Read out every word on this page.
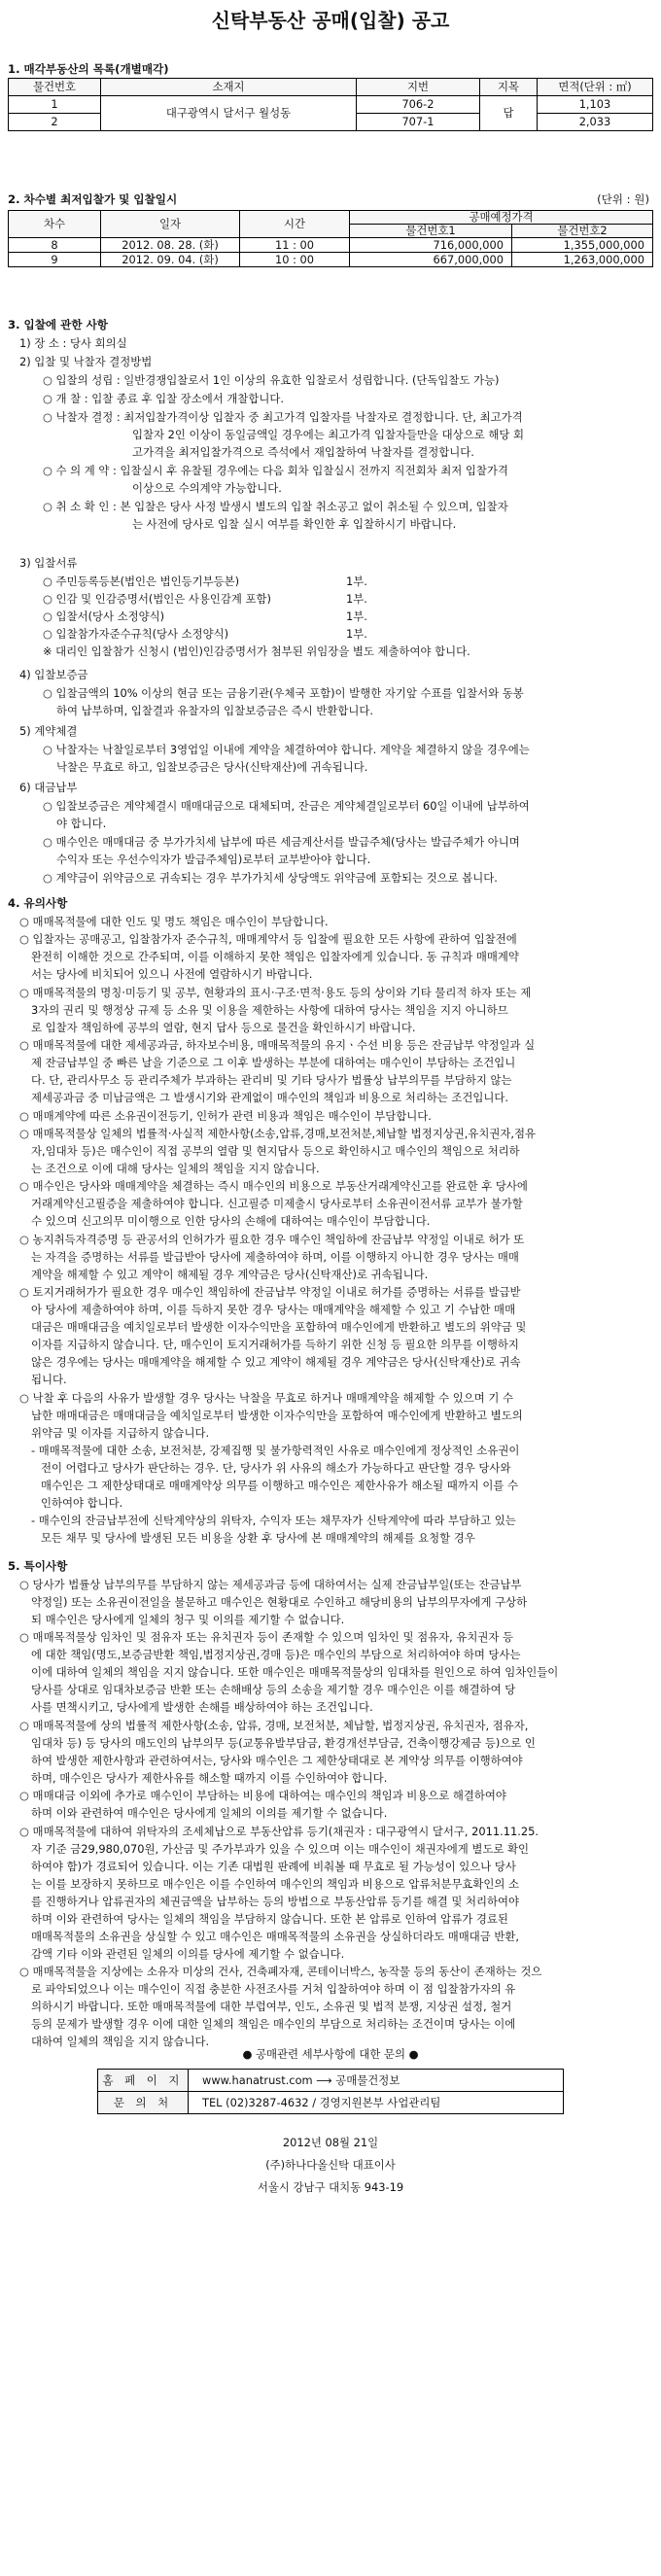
신탁부동산 공매(입찰) 공고
1. 매각부동산의 목록(개별매각)
물건번호	소재지	지번	지목	면적(단위 : ㎡)
1	대구광역시 달서구 월성동	706-2	답	1,103
2		707-1		2,033
2. 차수별 최저입찰가 및 입찰일시	(단위 : 원)
차수	일자	시간	공매예정가격	
			물건번호1	물건번호2
8	2012. 08. 28. (화)	11 : 00	716,000,000	1,355,000,000
9	2012. 09. 04. (화)	10 : 00	667,000,000	1,263,000,000
3. 입찰에 관한 사항
1) 장 소 : 당사 회의실
2) 입찰 및 낙찰자 결정방법
○ 입찰의 성립 : 일반경쟁입찰로서 1인 이상의 유효한 입찰로서 성립합니다. (단독입찰도 가능)
○ 개 찰 : 입찰 종료 후 입찰 장소에서 개찰합니다.
○ 낙찰자 결정 : 최저입찰가격이상 입찰자 중 최고가격 입찰자를 낙찰자로 결정합니다. 단, 최고가격
입찰자 2인 이상이 동일금액일 경우에는 최고가격 입찰자들만을 대상으로 해당 회
고가격을 최저입찰가격으로 즉석에서 재입찰하여 낙찰자를 결정합니다.
○ 수 의 계 약 : 입찰실시 후 유찰될 경우에는 다음 회차 입찰실시 전까지 직전회차 최저 입찰가격
이상으로 수의계약 가능합니다.
○ 취 소 확 인 : 본 입찰은 당사 사정 발생시 별도의 입찰 취소공고 없이 취소될 수 있으며, 입찰자
는 사전에 당사로 입찰 실시 여부를 확인한 후 입찰하시기 바랍니다.
3) 입찰서류
○ 주민등록등본(법인은 법인등기부등본)	1부.
○ 인감 및 인감증명서(법인은 사용인감계 포함)	1부.
○ 입찰서(당사 소정양식)	1부.
○ 입찰참가자준수규칙(당사 소정양식)	1부.
※ 대리인 입찰참가 신청시 (법인)인감증명서가 첨부된 위임장을 별도 제출하여야 합니다.
4) 입찰보증금
○ 입찰금액의 10% 이상의 현금 또는 금융기관(우체국 포함)이 발행한 자기앞 수표를 입찰서와 동봉
하여 납부하며, 입찰결과 유찰자의 입찰보증금은 즉시 반환합니다.
5) 계약체결
○ 낙찰자는 낙찰일로부터 3영업일 이내에 계약을 체결하여야 합니다. 계약을 체결하지 않을 경우에는
낙찰은 무효로 하고, 입찰보증금은 당사(신탁재산)에 귀속됩니다.
6) 대금납부
○ 입찰보증금은 계약체결시 매매대금으로 대체되며, 잔금은 계약체결일로부터 60일 이내에 납부하여
야 합니다.
○ 매수인은 매매대금 중 부가가치세 납부에 따른 세금계산서를 발급주체(당사는 발급주체가 아니며
수익자 또는 우선수익자가 발급주체임)로부터 교부받아야 합니다.
○ 계약금이 위약금으로 귀속되는 경우 부가가치세 상당액도 위약금에 포함되는 것으로 봅니다.
4. 유의사항
○ 매매목적물에 대한 인도 및 명도 책임은 매수인이 부담합니다.
○ 입찰자는 공매공고, 입찰참가자 준수규칙, 매매계약서 등 입찰에 필요한 모든 사항에 관하여 입찰전에
완전히 이해한 것으로 간주되며, 이를 이해하지 못한 책임은 입찰자에게 있습니다. 동 규칙과 매매계약
서는 당사에 비치되어 있으니 사전에 열람하시기 바랍니다.
○ 매매목적물의 명칭·미등기 및 공부, 현황과의 표시·구조·면적·용도 등의 상이와 기타 물리적 하자 또는 제
3자의 권리 및 행정상 규제 등 소유 및 이용을 제한하는 사항에 대하여 당사는 책임을 지지 아니하므
로 입찰자 책임하에 공부의 열람, 현지 답사 등으로 물건을 확인하시기 바랍니다.
○ 매매목적물에 대한 제세공과금, 하자보수비용, 매매목적물의 유지ㆍ수선 비용 등은 잔금납부 약정일과 실
제 잔금납부일 중 빠른 날을 기준으로 그 이후 발생하는 부분에 대하여는 매수인이 부담하는 조건입니
다. 단, 관리사무소 등 관리주체가 부과하는 관리비 및 기타 당사가 법률상 납부의무를 부담하지 않는
제세공과금 중 미납금액은 그 발생시기와 관계없이 매수인의 책임과 비용으로 처리하는 조건입니다.
○ 매매계약에 따른 소유권이전등기, 인허가 관련 비용과 책임은 매수인이 부담합니다.
○ 매매목적물상 일체의 법률적·사실적 제한사항(소송,압류,경매,보전처분,체납할 법정지상권,유치권자,점유
자,임대차 등)은 매수인이 직접 공부의 열람 및 현지답사 등으로 확인하시고 매수인의 책임으로 처리하
는 조건으로 이에 대해 당사는 일체의 책임을 지지 않습니다.
○ 매수인은 당사와 매매계약을 체결하는 즉시 매수인의 비용으로 부동산거래계약신고를 완료한 후 당사에
거래계약신고필증을 제출하여야 합니다. 신고필증 미제출시 당사로부터 소유권이전서류 교부가 불가할
수 있으며 신고의무 미이행으로 인한 당사의 손해에 대하여는 매수인이 부담합니다.
○ 농지취득자격증명 등 관공서의 인허가가 필요한 경우 매수인 책임하에 잔금납부 약정일 이내로 허가 또
는 자격을 증명하는 서류를 발급받아 당사에 제출하여야 하며, 이를 이행하지 아니한 경우 당사는 매매
계약을 해제할 수 있고 계약이 해제될 경우 계약금은 당사(신탁재산)로 귀속됩니다.
○ 토지거래허가가 필요한 경우 매수인 책임하에 잔금납부 약정일 이내로 허가를 증명하는 서류를 발급받
아 당사에 제출하여야 하며, 이를 득하지 못한 경우 당사는 매매계약을 해제할 수 있고 기 수납한 매매
대금은 매매대금을 예치일로부터 발생한 이자수익만을 포함하여 매수인에게 반환하고 별도의 위약금 및
이자를 지급하지 않습니다. 단, 매수인이 토지거래허가를 득하기 위한 신청 등 필요한 의무를 이행하지
않은 경우에는 당사는 매매계약을 해제할 수 있고 계약이 해제될 경우 계약금은 당사(신탁재산)로 귀속
됩니다.
○ 낙찰 후 다음의 사유가 발생할 경우 당사는 낙찰을 무효로 하거나 매매계약을 해제할 수 있으며 기 수
납한 매매대금은 매매대금을 예치일로부터 발생한 이자수익만을 포함하여 매수인에게 반환하고 별도의
위약금 및 이자를 지급하지 않습니다.
- 매매목적물에 대한 소송, 보전처분, 강제집행 및 불가항력적인 사유로 매수인에게 정상적인 소유권이
전이 어렵다고 당사가 판단하는 경우. 단, 당사가 위 사유의 해소가 가능하다고 판단할 경우 당사와
매수인은 그 제한상태대로 매매계약상 의무를 이행하고 매수인은 제한사유가 해소될 때까지 이를 수
인하여야 합니다.
- 매수인의 잔금납부전에 신탁계약상의 위탁자, 수익자 또는 채무자가 신탁계약에 따라 부담하고 있는
모든 채무 및 당사에 발생된 모든 비용을 상환 후 당사에 본 매매계약의 해제를 요청할 경우
5. 특이사항
○ 당사가 법률상 납부의무를 부담하지 않는 제세공과금 등에 대하여서는 실제 잔금납부일(또는 잔금납부
약정일) 또는 소유권이전일을 불문하고 매수인은 현황대로 수인하고 해당비용의 납부의무자에게 구상하
되 매수인은 당사에게 일체의 청구 및 이의를 제기할 수 없습니다.
○ 매매목적물상 임차인 및 점유자 또는 유치권자 등이 존재할 수 있으며 임차인 및 점유자, 유치권자 등
에 대한 책임(명도,보증금반환 책임,법정지상권,경매 등)은 매수인의 부담으로 처리하여야 하며 당사는
이에 대하여 일체의 책임을 지지 않습니다. 또한 매수인은 매매목적물상의 임대차를 원인으로 하여 임차인들이
당사를 상대로 임대차보증금 반환 또는 손해배상 등의 소송을 제기할 경우 매수인은 이를 해결하여 당
사를 면책시키고, 당사에게 발생한 손해를 배상하여야 하는 조건입니다.
○ 매매목적물에 상의 법률적 제한사항(소송, 압류, 경매, 보전처분, 체납할, 법정지상권, 유치권자, 점유자,
임대차 등) 등 당사의 매도인의 납부의무 등(교통유발부담금, 환경개선부담금, 건축이행강제금 등)으로 인
하여 발생한 제한사항과 관련하여서는, 당사와 매수인은 그 제한상태대로 본 계약상 의무를 이행하여야
하며, 매수인은 당사가 제한사유를 해소할 때까지 이를 수인하여야 합니다.
○ 매매대금 이외에 추가로 매수인이 부담하는 비용에 대하여는 매수인의 책임과 비용으로 해결하여야
하며 이와 관련하여 매수인은 당사에게 일체의 이의를 제기할 수 없습니다.
○ 매매목적물에 대하여 위탁자의 조세체납으로 부동산압류 등기(채권자 : 대구광역시 달서구, 2011.11.25.
자 기준 금29,980,070원, 가산금 및 주가부과가 있을 수 있으며 이는 매수인이 채권자에게 별도로 확인
하여야 함)가 경료되어 있습니다. 이는 기존 대법원 판례에 비춰볼 때 무효로 될 가능성이 있으나 당사
는 이를 보장하지 못하므로 매수인은 이를 수인하여 매수인의 책임과 비용으로 압류처분무효확인의 소
를 진행하거나 압류권자의 체권금액을 납부하는 등의 방법으로 부동산압류 등기를 해결 및 처리하여야
하며 이와 관련하여 당사는 일체의 책임을 부담하지 않습니다. 또한 본 압류로 인하여 압류가 경료된
매매목적물의 소유권을 상실할 수 있고 매수인은 매매목적물의 소유권을 상실하더라도 매매대금 반환,
감액 기타 이와 관련된 일체의 이의를 당사에 제기할 수 없습니다.
○ 매매목적물을 지상에는 소유자 미상의 건사, 건축폐자재, 콘테이너박스, 농작물 등의 동산이 존재하는 것으
로 파악되었으나 이는 매수인이 직접 충분한 사전조사를 거쳐 입찰하여야 하며 이 점 입찰참가자의 유
의하시기 바랍니다. 또한 매매목적물에 대한 부럽여부, 인도, 소유권 및 법적 분쟁, 지상권 설정, 철거
등의 문제가 발생할 경우 이에 대한 일체의 책임은 매수인의 부담으로 처리하는 조건이며 당사는 이에
대하여 일체의 책임을 지지 않습니다.
● 공매관련 세부사항에 대한 문의 ●
홈 페 이 지	www.hanatrust.com ⟶ 공매물건정보
문 의 처	TEL (02)3287-4632 / 경영지원본부 사업관리팀
2012년 08월 21일
(주)하나다올신탁 대표이사
서울시 강남구 대치동 943-19
